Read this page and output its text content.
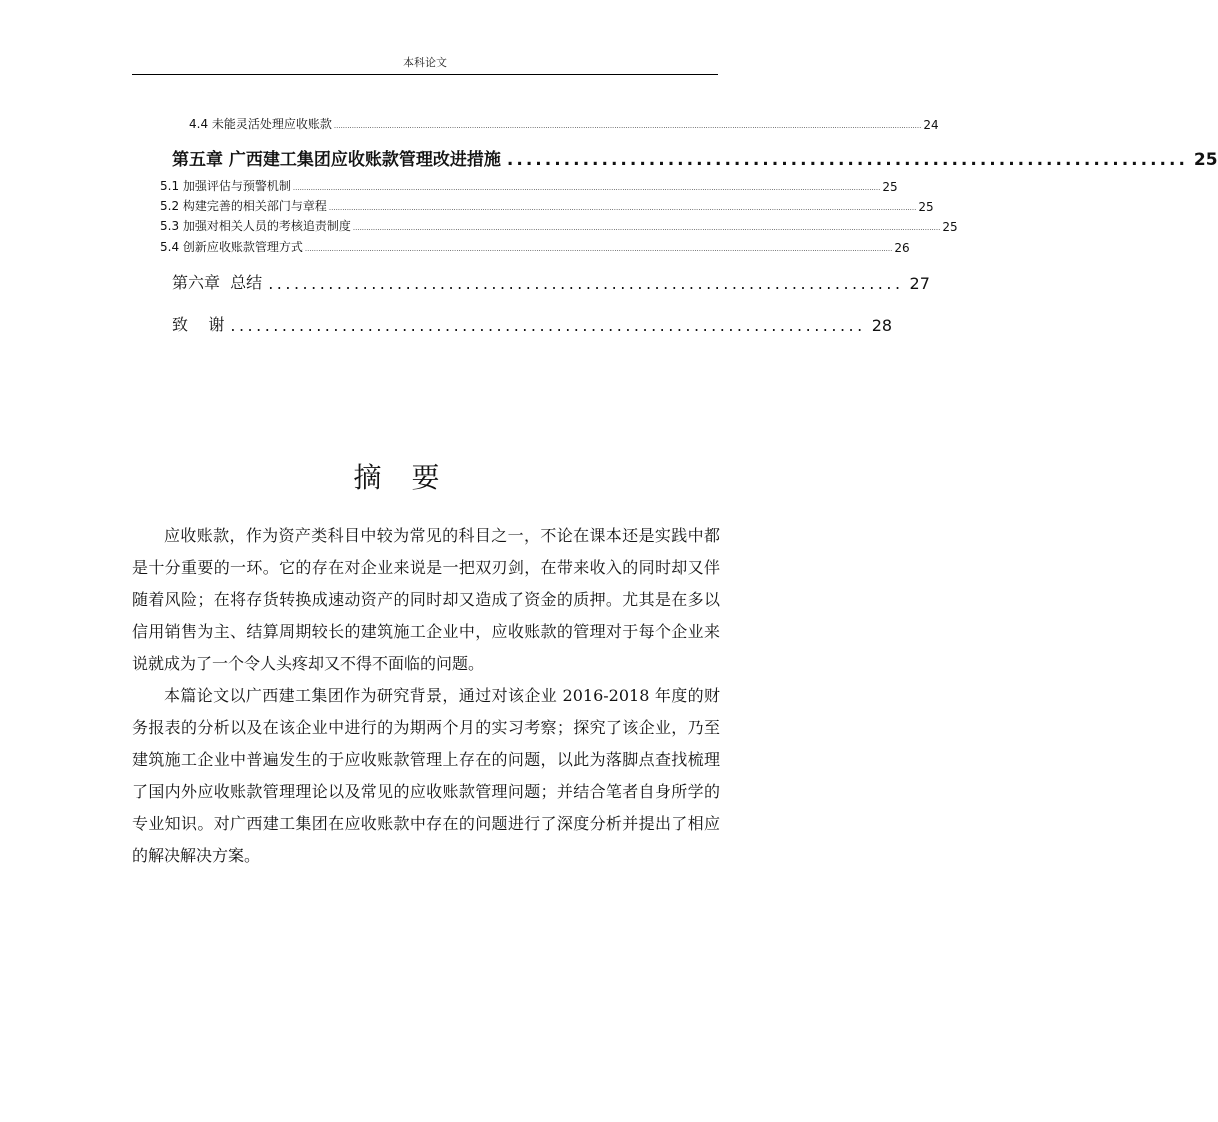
本科论文
4.4 未能灵活处理应收账款 ........................................................................................................................................................................................................................................................................ 24
第五章 广西建工集团应收账款管理改进措施 ........................................................................ 25
5.1 加强评估与预警机制 ........................................................................................................................................................................................................................................................................ 25
5.2 构建完善的相关部门与章程 ........................................................................................................................................................................................................................................................................ 25
5.3 加强对相关人员的考核追责制度 ........................................................................................................................................................................................................................................................................ 25
5.4 创新应收账款管理方式 ........................................................................................................................................................................................................................................................................ 26
第六章  总结 .......................................................................... 27
致    谢 .......................................................................... 28
摘要

应收账款，作为资产类科目中较为常见的科目之一，不论在课本还是实践中都是十分重要的一环。它的存在对企业来说是一把双刃剑，在带来收入的同时却又伴随着风险；在将存货转换成速动资产的同时却又造成了资金的质押。尤其是在多以信用销售为主、结算周期较长的建筑施工企业中，应收账款的管理对于每个企业来说就成为了一个令人头疼却又不得不面临的问题。

本篇论文以广西建工集团作为研究背景，通过对该企业 2016-2018 年度的财务报表的分析以及在该企业中进行的为期两个月的实习考察；探究了该企业，乃至建筑施工企业中普遍发生的于应收账款管理上存在的问题，以此为落脚点查找梳理了国内外应收账款管理理论以及常见的应收账款管理问题；并结合笔者自身所学的专业知识。对广西建工集团在应收账款中存在的问题进行了深度分析并提出了相应的解决解决方案。
